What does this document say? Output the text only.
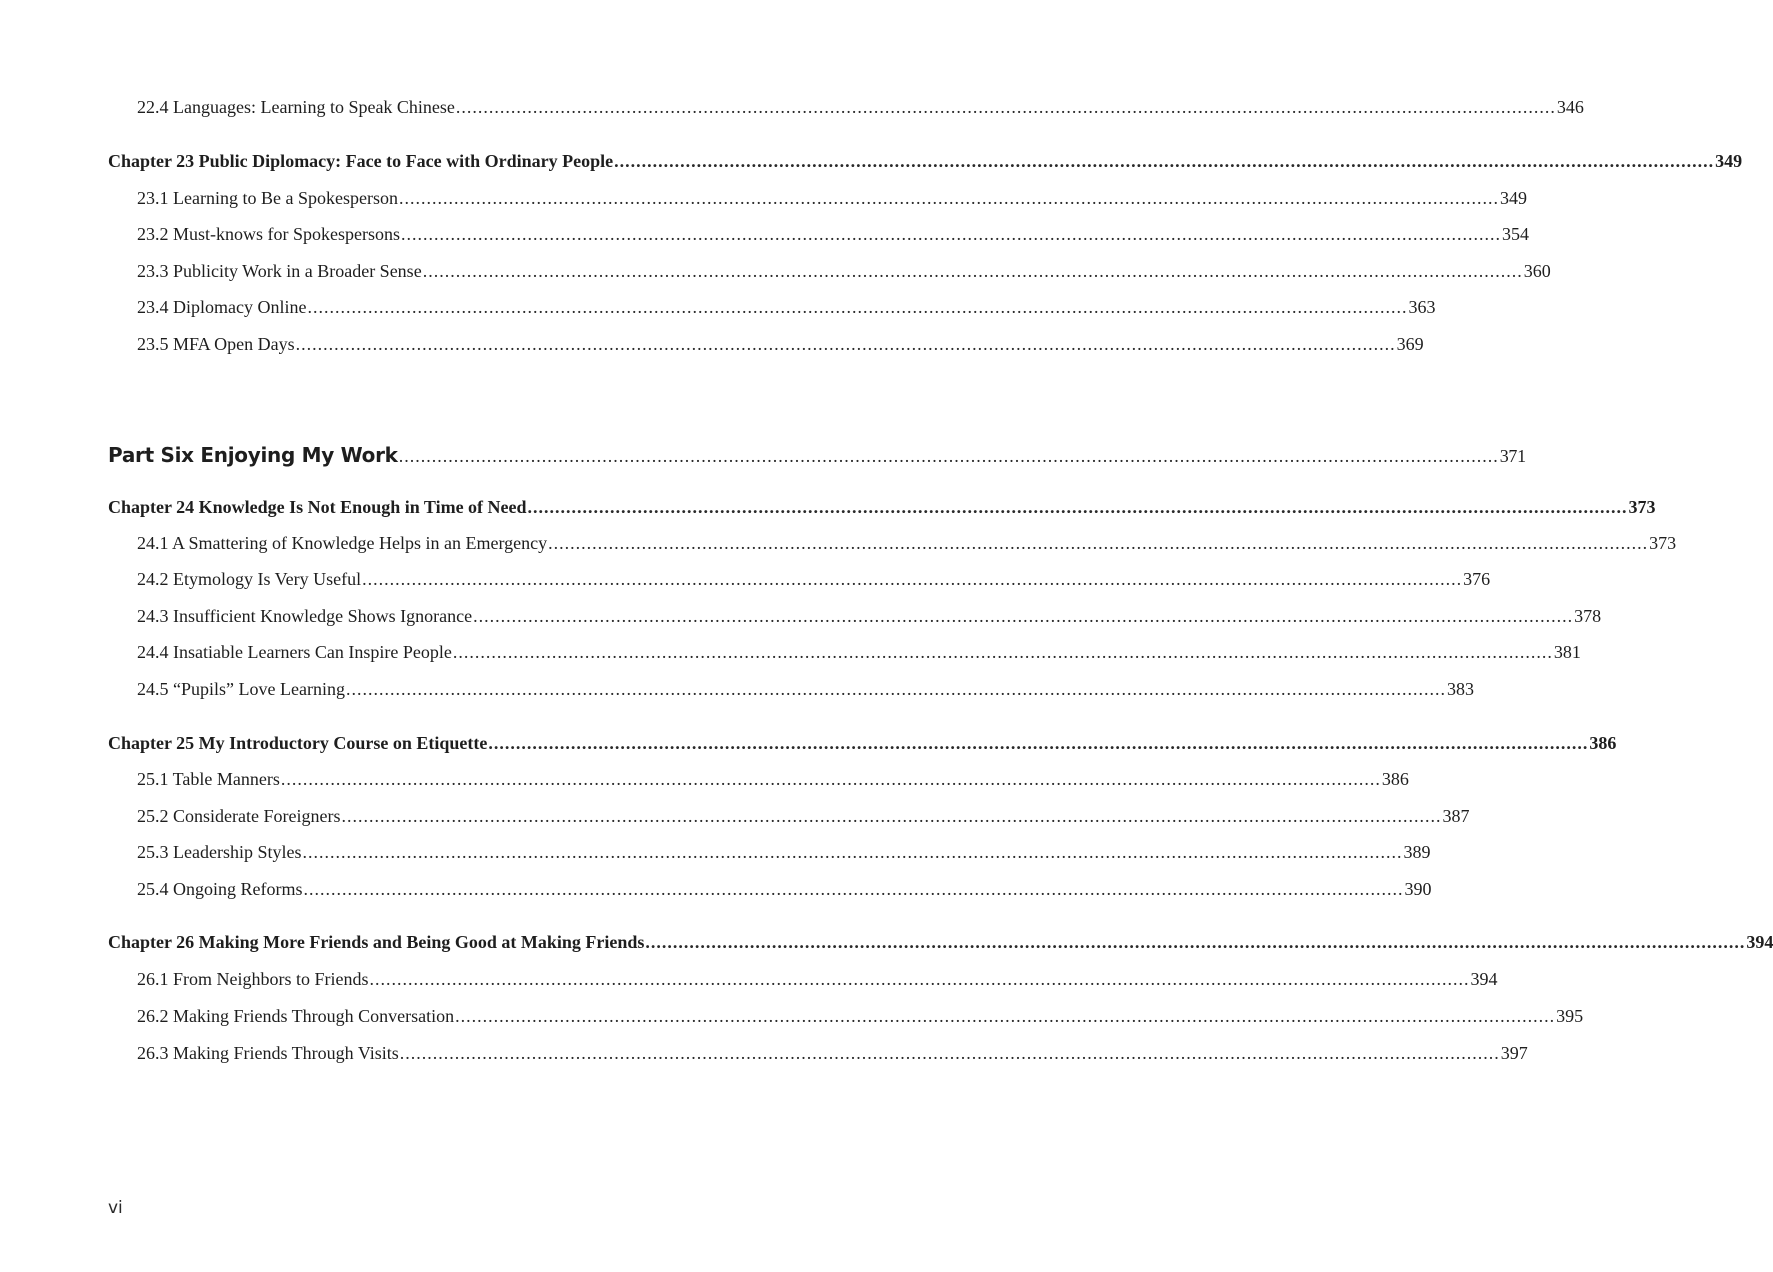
22.4 Languages: Learning to Speak Chinese ........................................................................................................................................................................................................ 346
Chapter 23 Public Diplomacy: Face to Face with Ordinary People ........................................................................................................................................................................................................ 349
23.1 Learning to Be a Spokesperson ........................................................................................................................................................................................................ 349
23.2 Must-knows for Spokespersons ........................................................................................................................................................................................................ 354
23.3 Publicity Work in a Broader Sense ........................................................................................................................................................................................................ 360
23.4 Diplomacy Online ........................................................................................................................................................................................................ 363
23.5 MFA Open Days ........................................................................................................................................................................................................ 369
Part Six Enjoying My Work ........................................................................................................................................................................................................ 371
Chapter 24 Knowledge Is Not Enough in Time of Need ........................................................................................................................................................................................................ 373
24.1 A Smattering of Knowledge Helps in an Emergency ........................................................................................................................................................................................................ 373
24.2 Etymology Is Very Useful ........................................................................................................................................................................................................ 376
24.3 Insufficient Knowledge Shows Ignorance ........................................................................................................................................................................................................ 378
24.4 Insatiable Learners Can Inspire People ........................................................................................................................................................................................................ 381
24.5 “Pupils” Love Learning ........................................................................................................................................................................................................ 383
Chapter 25 My Introductory Course on Etiquette ........................................................................................................................................................................................................ 386
25.1 Table Manners ........................................................................................................................................................................................................ 386
25.2 Considerate Foreigners ........................................................................................................................................................................................................ 387
25.3 Leadership Styles ........................................................................................................................................................................................................ 389
25.4 Ongoing Reforms ........................................................................................................................................................................................................ 390
Chapter 26 Making More Friends and Being Good at Making Friends ........................................................................................................................................................................................................ 394
26.1 From Neighbors to Friends ........................................................................................................................................................................................................ 394
26.2 Making Friends Through Conversation ........................................................................................................................................................................................................ 395
26.3 Making Friends Through Visits ........................................................................................................................................................................................................ 397
vi
